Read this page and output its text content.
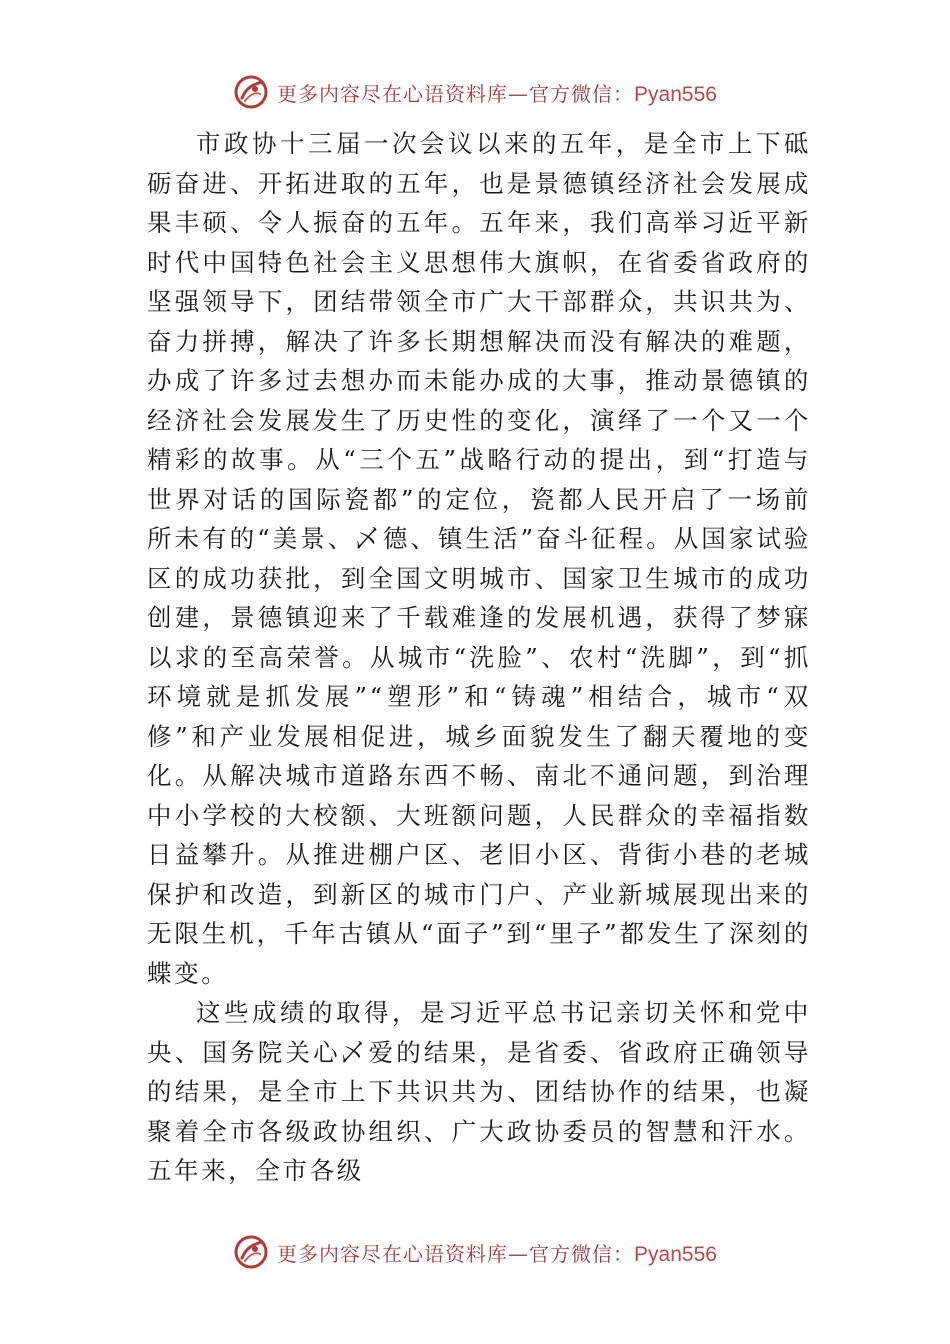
更多内容尽在心语资料库—官方微信：Pyan556

市政协十三届一次会议以来的五年，是全市上下砥砺奋进、开拓进取的五年，也是景德镇经济社会发展成果丰硕、令人振奋的五年。五年来，我们高举习近平新时代中国特色社会主义思想伟大旗帜，在省委省政府的坚强领导下，团结带领全市广大干部群众，共识共为、奋力拼搏，解决了许多长期想解决而没有解决的难题，办成了许多过去想办而未能办成的大事，推动景德镇的经济社会发展发生了历史性的变化，演绎了一个又一个精彩的故事。从“三个五”战略行动的提出，到“打造与世界对话的国际瓷都”的定位，瓷都人民开启了一场前所未有的“美景、乄德、镇生活”奋斗征程。从国家试验区的成功获批，到全国文明城市、国家卫生城市的成功创建，景德镇迎来了千载难逢的发展机遇，获得了梦寐以求的至高荣誉。从城市“洗脸”、农村“洗脚”，到“抓环境就是抓发展”“塑形”和“铸魂”相结合，城市“双修”和产业发展相促进，城乡面貌发生了翻天覆地的变化。从解决城市道路东西不畅、南北不通问题，到治理中小学校的大校额、大班额问题，人民群众的幸福指数日益攀升。从推进棚户区、老旧小区、背街小巷的老城保护和改造，到新区的城市门户、产业新城展现出来的无限生机，千年古镇从“面子”到“里子”都发生了深刻的蝶变。

这些成绩的取得，是习近平总书记亲切关怀和党中央、国务院关心乄爱的结果，是省委、省政府正确领导的结果，是全市上下共识共为、团结协作的结果，也凝聚着全市各级政协组织、广大政协委员的智慧和汗水。五年来，全市各级

更多内容尽在心语资料库—官方微信：Pyan556
